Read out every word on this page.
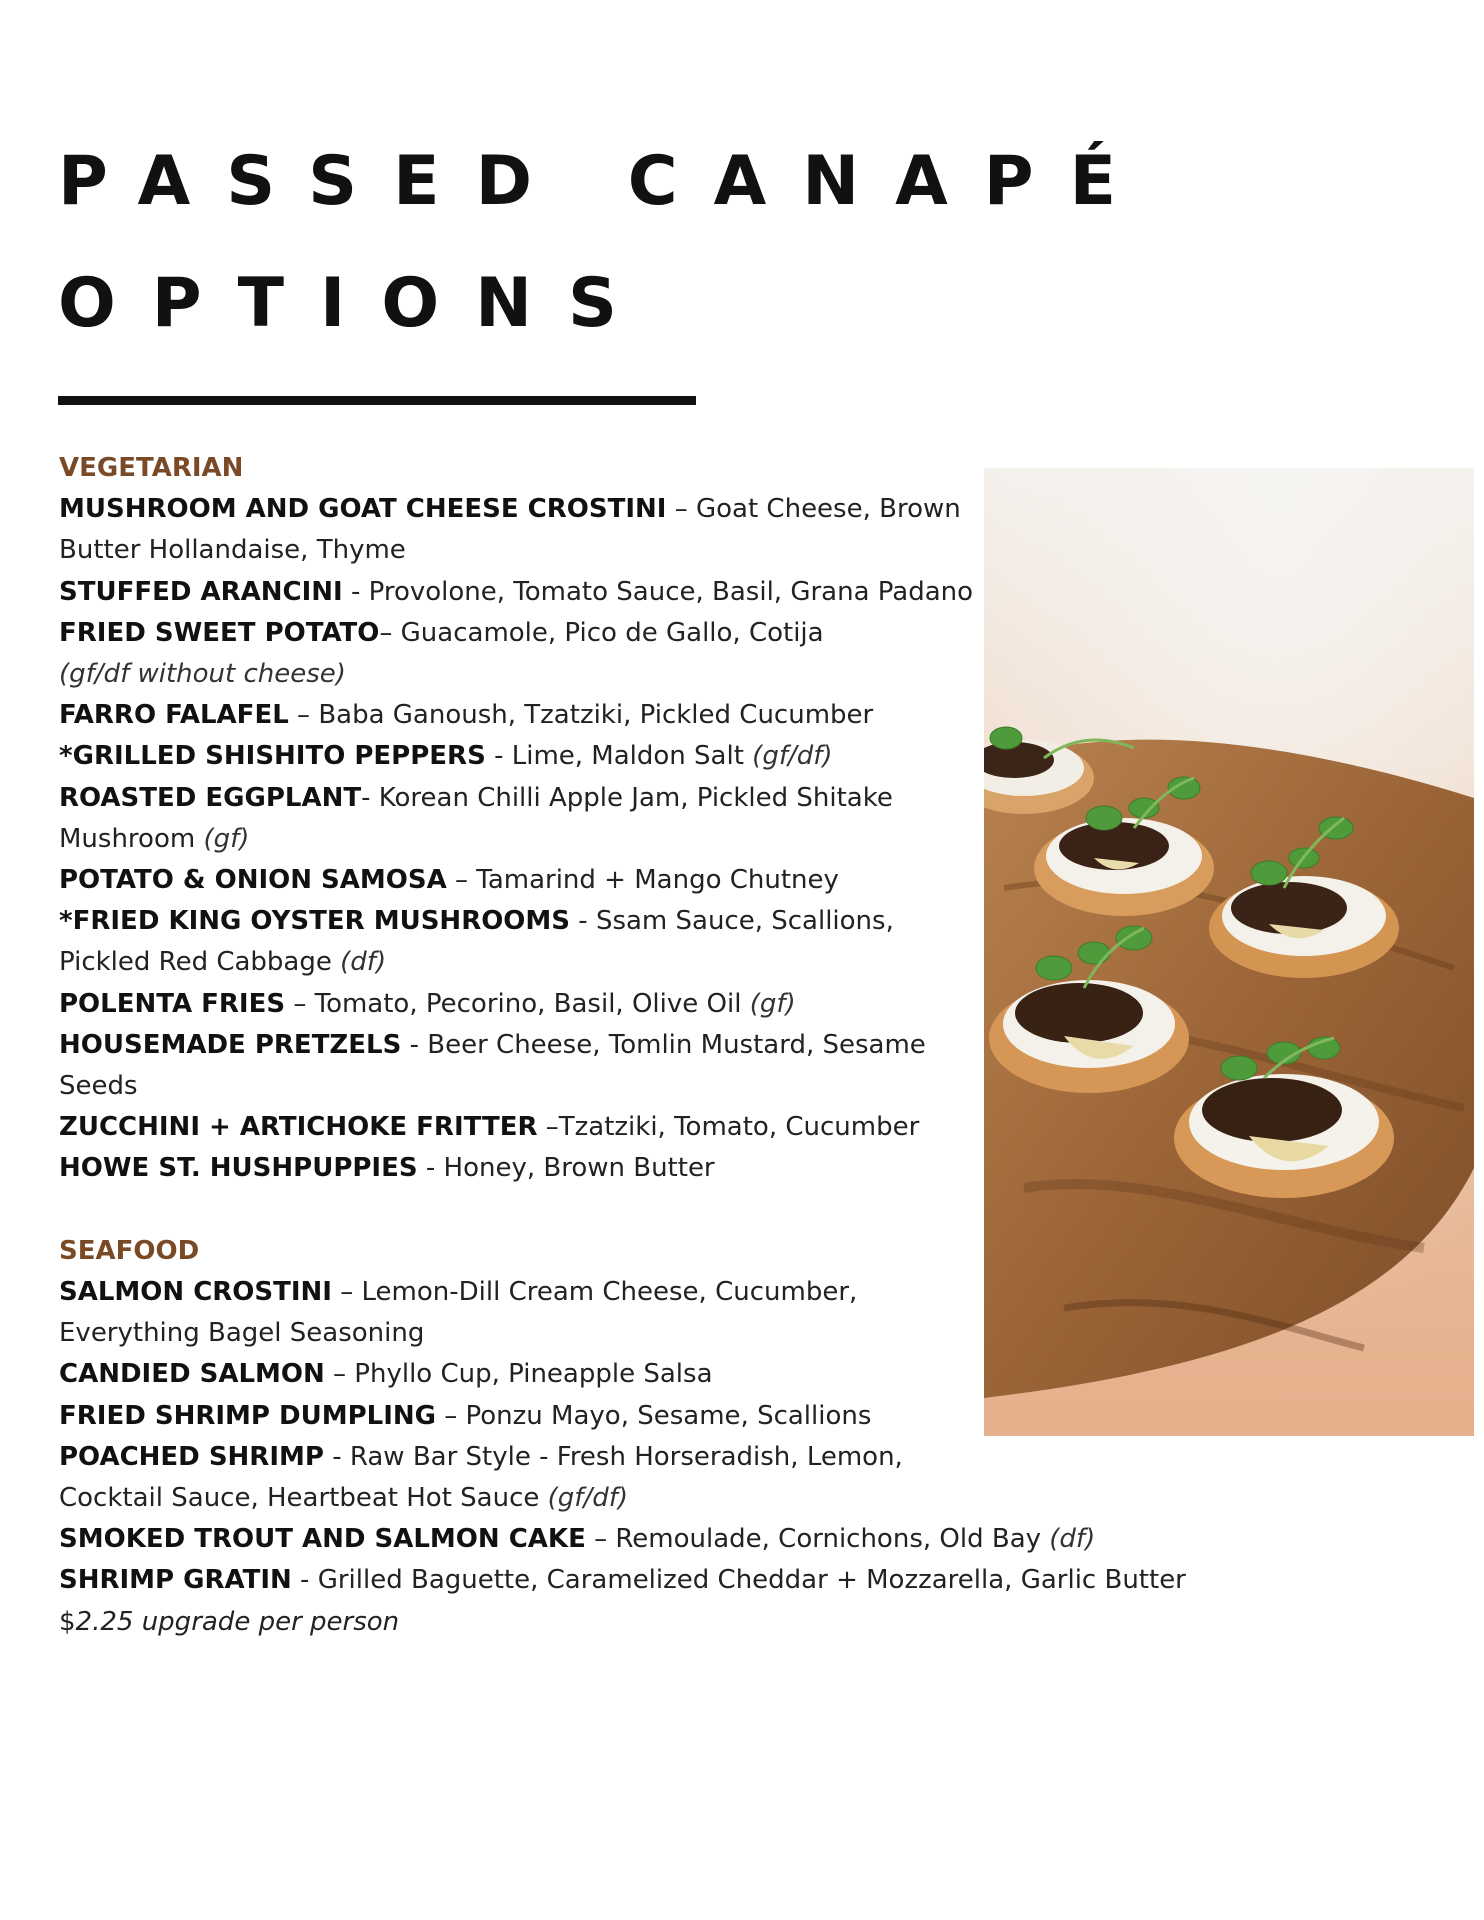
PASSED CANAPÉ
OPTIONS
VEGETARIAN
MUSHROOM AND GOAT CHEESE CROSTINI – Goat Cheese, Brown Butter Hollandaise, Thyme
STUFFED ARANCINI - Provolone, Tomato Sauce, Basil, Grana Padano
FRIED SWEET POTATO– Guacamole, Pico de Gallo, Cotija
(gf/df without cheese)
FARRO FALAFEL – Baba Ganoush, Tzatziki, Pickled Cucumber
*GRILLED SHISHITO PEPPERS - Lime, Maldon Salt (gf/df)
ROASTED EGGPLANT- Korean Chilli Apple Jam, Pickled Shitake Mushroom (gf)
POTATO & ONION SAMOSA – Tamarind + Mango Chutney
*FRIED KING OYSTER MUSHROOMS - Ssam Sauce, Scallions, Pickled Red Cabbage (df)
POLENTA FRIES – Tomato, Pecorino, Basil, Olive Oil (gf)
HOUSEMADE PRETZELS - Beer Cheese, Tomlin Mustard, Sesame Seeds
ZUCCHINI + ARTICHOKE FRITTER –Tzatziki, Tomato, Cucumber
HOWE ST. HUSHPUPPIES - Honey, Brown Butter
SEAFOOD
SALMON CROSTINI – Lemon-Dill Cream Cheese, Cucumber, Everything Bagel Seasoning
CANDIED SALMON – Phyllo Cup, Pineapple Salsa
FRIED SHRIMP DUMPLING – Ponzu Mayo, Sesame, Scallions
POACHED SHRIMP - Raw Bar Style - Fresh Horseradish, Lemon, Cocktail Sauce, Heartbeat Hot Sauce (gf/df)
SMOKED TROUT AND SALMON CAKE – Remoulade, Cornichons, Old Bay (df)
SHRIMP GRATIN - Grilled Baguette, Caramelized Cheddar + Mozzarella, Garlic Butter
$2.25 upgrade per person
